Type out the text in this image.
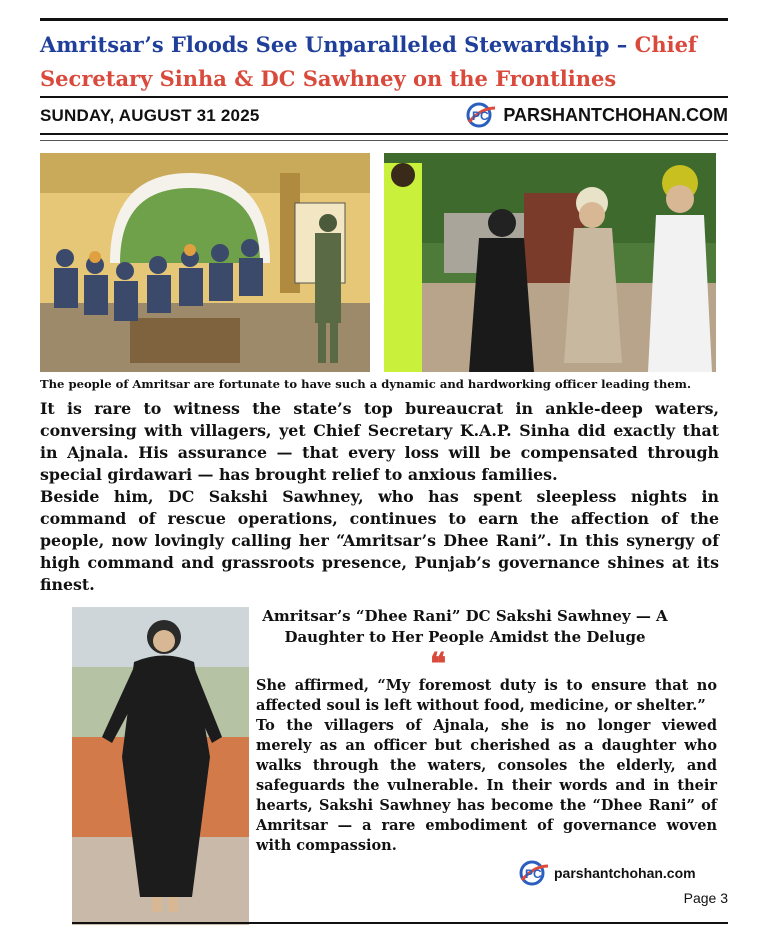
Amritsar’s Floods See Unparalleled Stewardship – Chief Secretary Sinha & DC Sawhney on the Frontlines
SUNDAY, AUGUST 31 2025	PC PARSHANTCHOHAN.COM
The people of Amritsar are fortunate to have such a dynamic and hardworking officer leading them.

It is rare to witness the state’s top bureaucrat in ankle-deep waters, conversing with villagers, yet Chief Secretary K.A.P. Sinha did exactly that in Ajnala. His assurance — that every loss will be compensated through special girdawari — has brought relief to anxious families.

Beside him, DC Sakshi Sawhney, who has spent sleepless nights in command of rescue operations, continues to earn the affection of the people, now lovingly calling her “Amritsar’s Dhee Rani”. In this synergy of high command and grassroots presence, Punjab’s governance shines at its finest.

Amritsar’s “Dhee Rani” DC Sakshi Sawhney — A Daughter to Her People Amidst the Deluge
❝

She affirmed, “My foremost duty is to ensure that no affected soul is left without food, medicine, or shelter.”

To the villagers of Ajnala, she is no longer viewed merely as an officer but cherished as a daughter who walks through the waters, consoles the elderly, and safeguards the vulnerable. In their words and in their hearts, Sakshi Sawhney has become the “Dhee Rani” of Amritsar — a rare embodiment of governance woven with compassion.

PC parshantchohan.com
Page 3
